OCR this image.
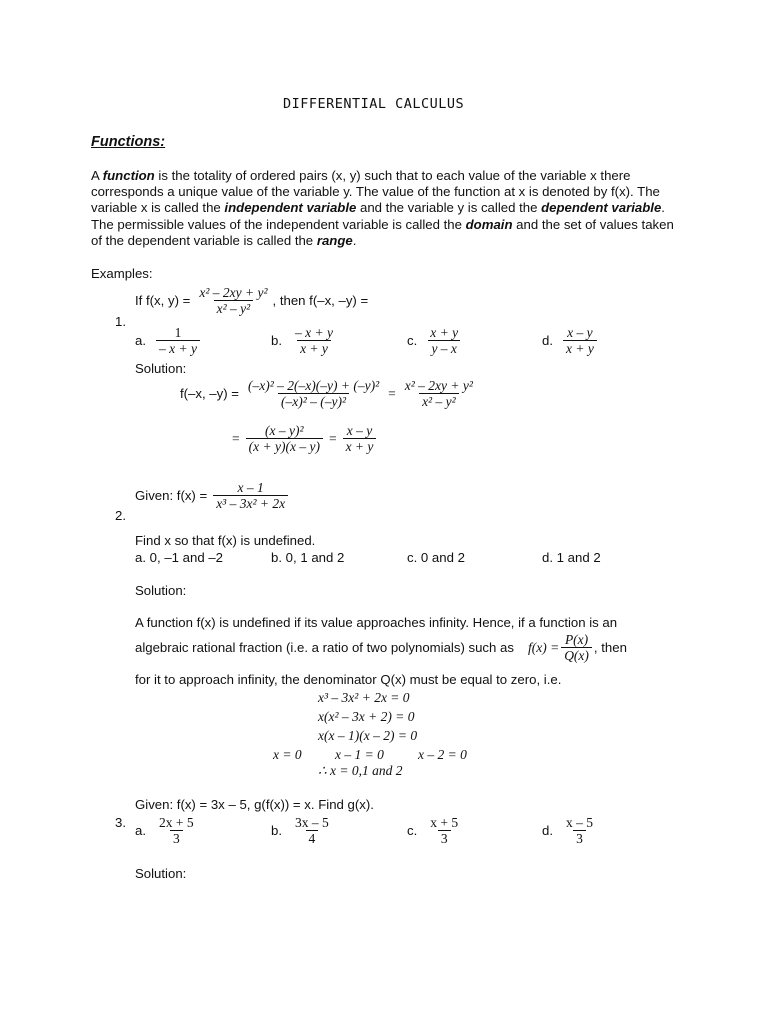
DIFFERENTIAL CALCULUS
Functions:
A function is the totality of ordered pairs (x, y) such that to each value of the variable x there corresponds a unique value of the variable y. The value of the function at x is denoted by f(x). The variable x is called the independent variable and the variable y is called the dependent variable. The permissible values of the independent variable is called the domain and the set of values taken of the dependent variable is called the range.
Examples:
1.
If f(x, $y) = \frac{\text{x² – 2xy + y²}}{\text{x² – y²}}$ , then f(–x, –y) =
a. $\frac{1}{- x + y}$	b. $\frac{- x + y}{x + y}$	c. $\frac{x + y}{y - x}$	d. $\frac{x - y}{x + y}$
Solution:
f(–x, $-y) = \frac{\text{(–x)² – 2(–x)(–y) + (–y)²}}{\text{(–x)² – (–y)²}} = \frac{\text{x² – 2xy + y²}}{\text{x² – y²}}$
= $\frac{\text{(x – y)²}}{(x + y)(x - y)} = \frac{x - y}{x + y}$
2.
Given: $f(x) = \frac{x - 1}{\text{x³ – 3x² + 2x}}$
Find x so that f(x) is undefined.
a. 0, –1 and –2	b. 0, 1 and 2	c. 0 and 2	d. 1 and 2
Solution:
A function f(x) is undefined if its value approaches infinity. Hence, if a function is an
algebraic rational fraction (i.e. a ratio of two polynomials) such as $f(x) = \frac{P(x)}{Q(x)}$ , then
for it to approach infinity, the denominator Q(x) must be equal to zero, i.e.
x³ – 3x² + 2x = 0
x(x² – 3x + 2) = 0
x(x – 1)(x – 2) = 0
x = 0 x – 1 = 0	x – 2 = 0
∴ x = 0,1 and 2
Given: f(x) = 3x – 5, g(f(x)) = x. Find g(x).
3.
a. $\frac{2x + 5}{3}$	b. $\frac{3x - 5}{4}$	c. $\frac{x + 5}{3}$	d. $\frac{x - 5}{3}$
Solution:
